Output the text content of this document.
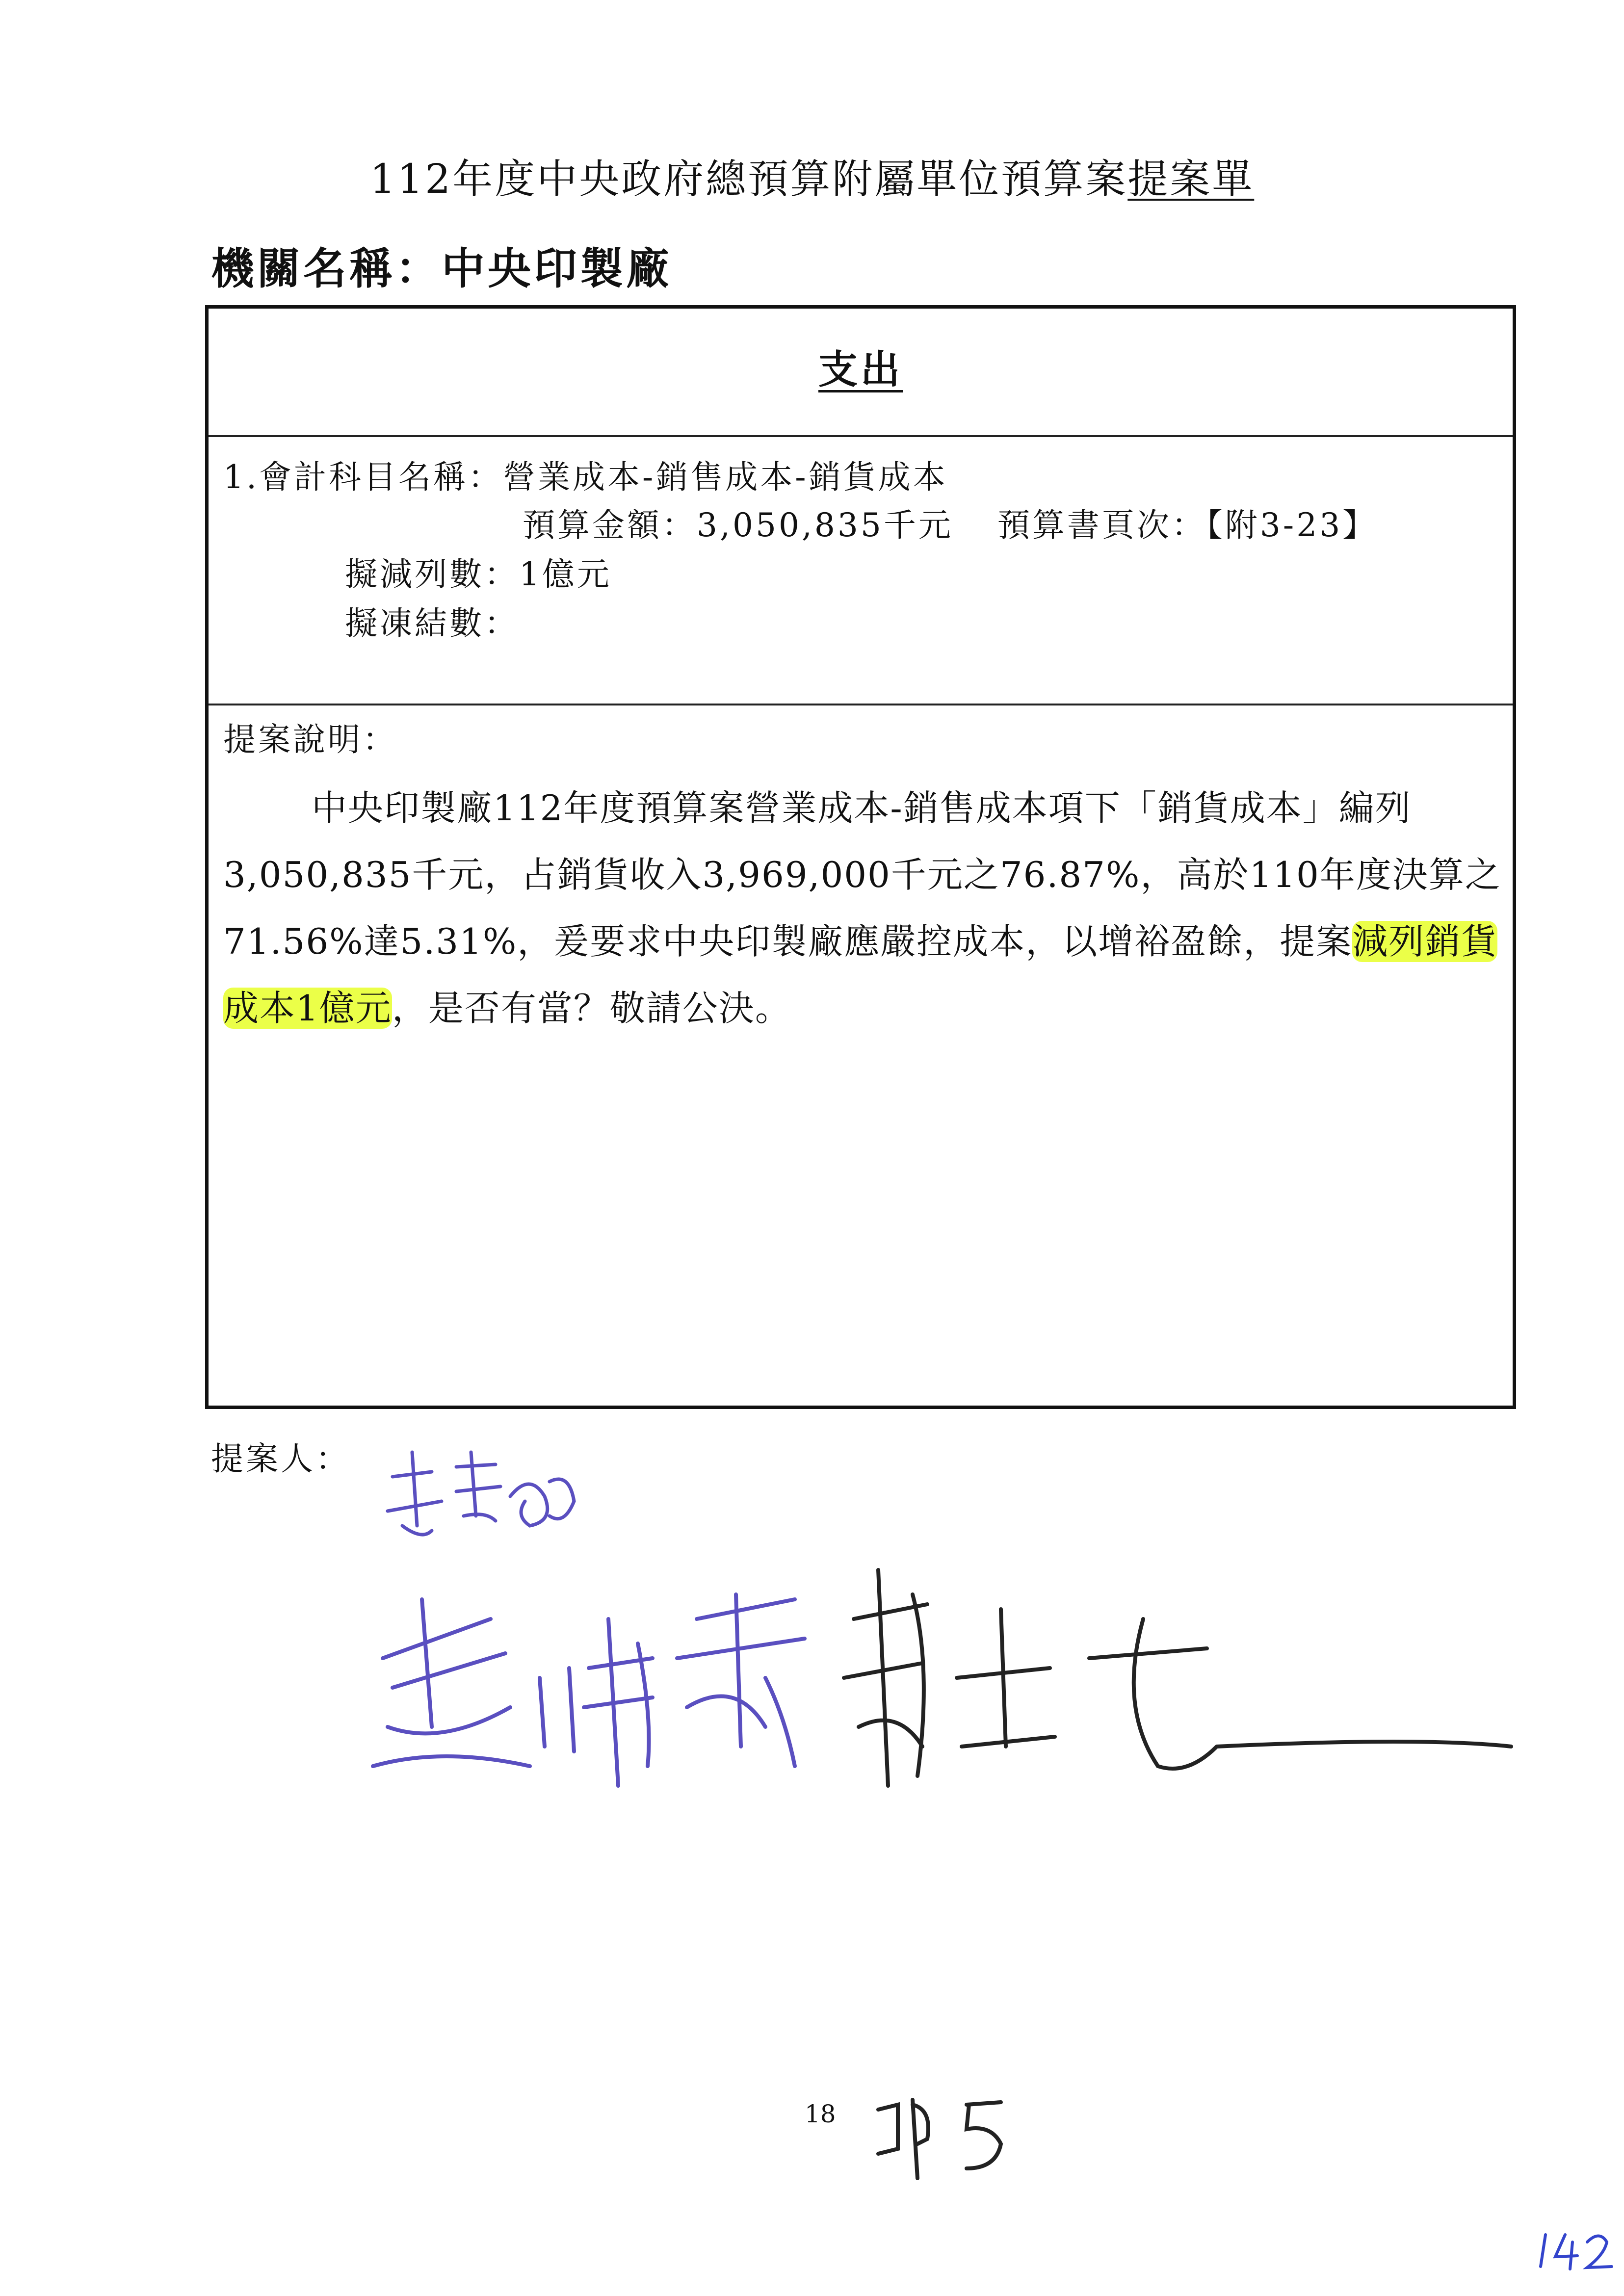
112年度中央政府總預算附屬單位預算案提案單
機關名稱：中央印製廠
支出
1.會計科目名稱：營業成本-銷售成本-銷貨成本
預算金額：3,050,835千元 預算書頁次：【附3-23】
擬減列數：1億元
擬凍結數：
提案說明：
中央印製廠112年度預算案營業成本-銷售成本項下「銷貨成本」編列
3,050,835千元，占銷貨收入3,969,000千元之76.87%，高於110年度決算之
71.56%達5.31%，爰要求中央印製廠應嚴控成本，以增裕盈餘，提案減列銷貨
成本1億元，是否有當？敬請公決。
提案人：
18
